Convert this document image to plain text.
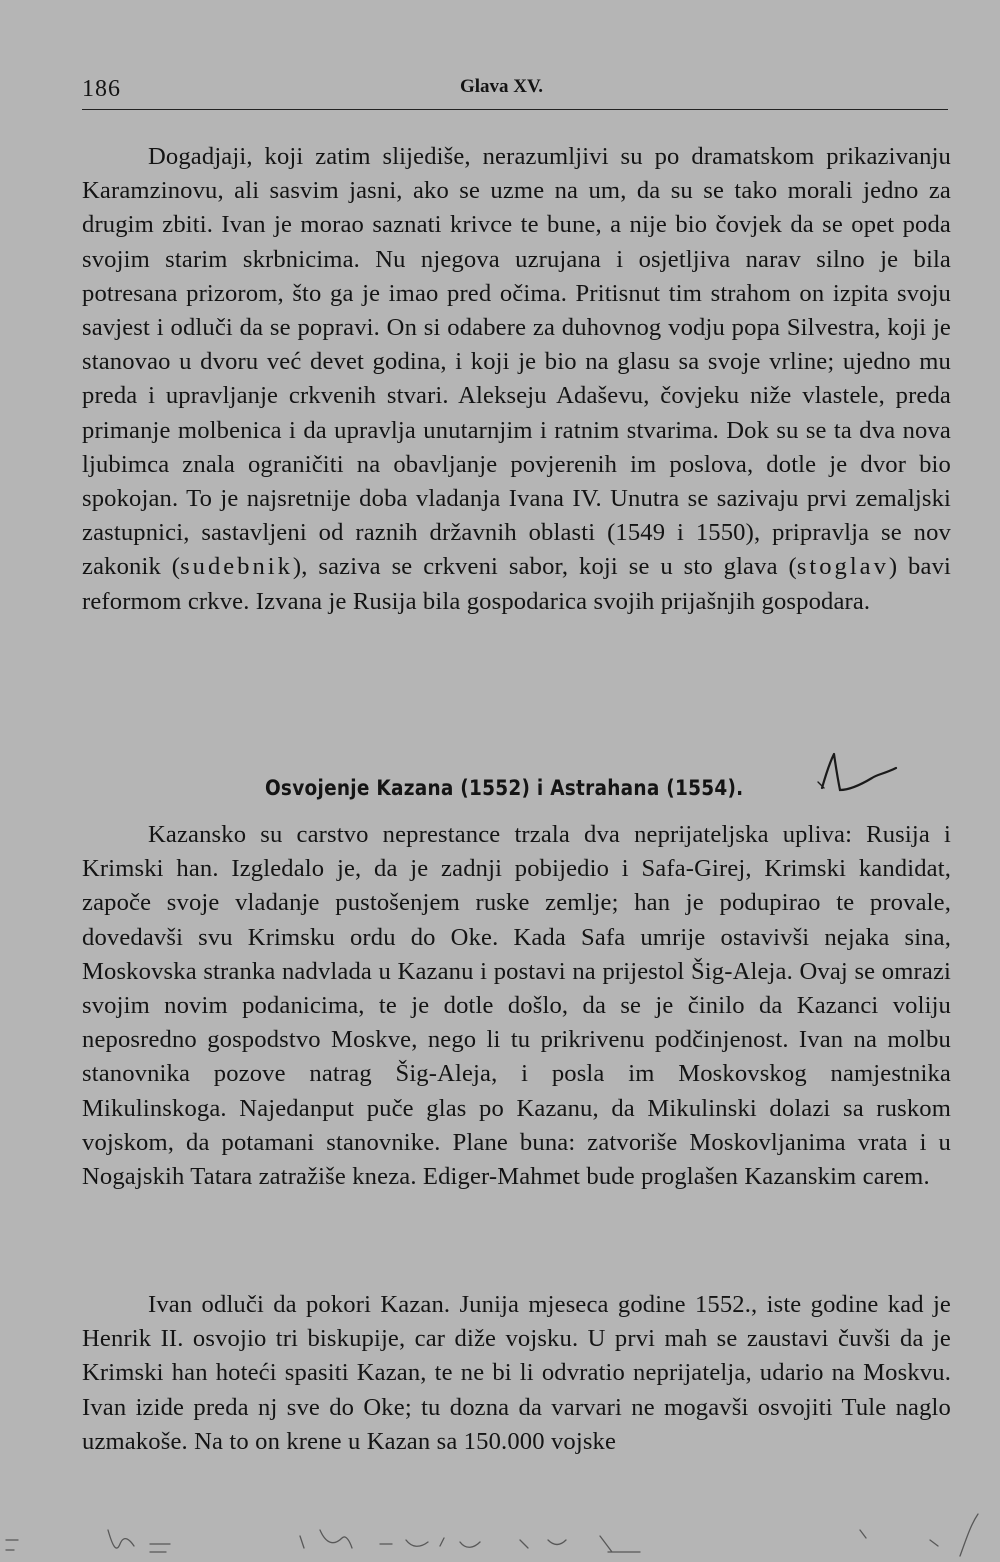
186	Glava XV.

Dogadjaji, koji zatim slijediše, nerazumljivi su po dramatskom prikazivanju Karamzinovu, ali sasvim jasni, ako se uzme na um, da su se tako morali jedno za drugim zbiti. Ivan je morao saznati krivce te bune, a nije bio čovjek da se opet poda svojim starim skrbnicima. Nu njegova uzrujana i osjetljiva narav silno je bila potresana prizorom, što ga je imao pred očima. Pritisnut tim strahom on izpita svoju savjest i odluči da se popravi. On si odabere za duhovnog vodju popa Silvestra, koji je stanovao u dvoru već devet godina, i koji je bio na glasu sa svoje vrline; ujedno mu preda i upravljanje crkvenih stvari. Alekseju Adaševu, čovjeku niže vlastele, preda primanje molbenica i da upravlja unutarnjim i ratnim stvarima. Dok su se ta dva nova ljubimca znala ograničiti na obavljanje povjerenih im poslova, dotle je dvor bio spokojan. To je najsretnije doba vladanja Ivana IV. Unutra se sazivaju prvi zemaljski zastupnici, sastavljeni od raznih državnih oblasti (1549 i 1550), pripravlja se nov zakonik (sudebnik), saziva se crkveni sabor, koji se u sto glava (stoglav) bavi reformom crkve. Izvana je Rusija bila gospodarica svojih prijašnjih gospodara.

Osvojenje Kazana (1552) i Astrahana (1554).

Kazansko su carstvo neprestance trzala dva neprijateljska upliva: Rusija i Krimski han. Izgledalo je, da je zadnji pobijedio i Safa-Girej, Krimski kandidat, započe svoje vladanje pustošenjem ruske zemlje; han je podupirao te provale, dovedavši svu Krimsku ordu do Oke. Kada Safa umrije ostavivši nejaka sina, Moskovska stranka nadvlada u Kazanu i postavi na prijestol Šig-Aleja. Ovaj se omrazi svojim novim podanicima, te je dotle došlo, da se je činilo da Kazanci voliju neposredno gospodstvo Moskve, nego li tu prikrivenu podčinjenost. Ivan na molbu stanovnika pozove natrag Šig-Aleja, i posla im Moskovskog namjestnika Mikulinskoga. Najedanput puče glas po Kazanu, da Mikulinski dolazi sa ruskom vojskom, da potamani stanovnike. Plane buna: zatvoriše Moskovljanima vrata i u Nogajskih Tatara zatražiše kneza. Ediger-Mahmet bude proglašen Kazanskim carem.

Ivan odluči da pokori Kazan. Junija mjeseca godine 1552., iste godine kad je Henrik II. osvojio tri biskupije, car diže vojsku. U prvi mah se zaustavi čuvši da je Krimski han hoteći spasiti Kazan, te ne bi li odvratio neprijatelja, udario na Moskvu. Ivan izide preda nj sve do Oke; tu dozna da varvari ne mogavši osvojiti Tule naglo uzmakoše. Na to on krene u Kazan sa 150.000 vojske
